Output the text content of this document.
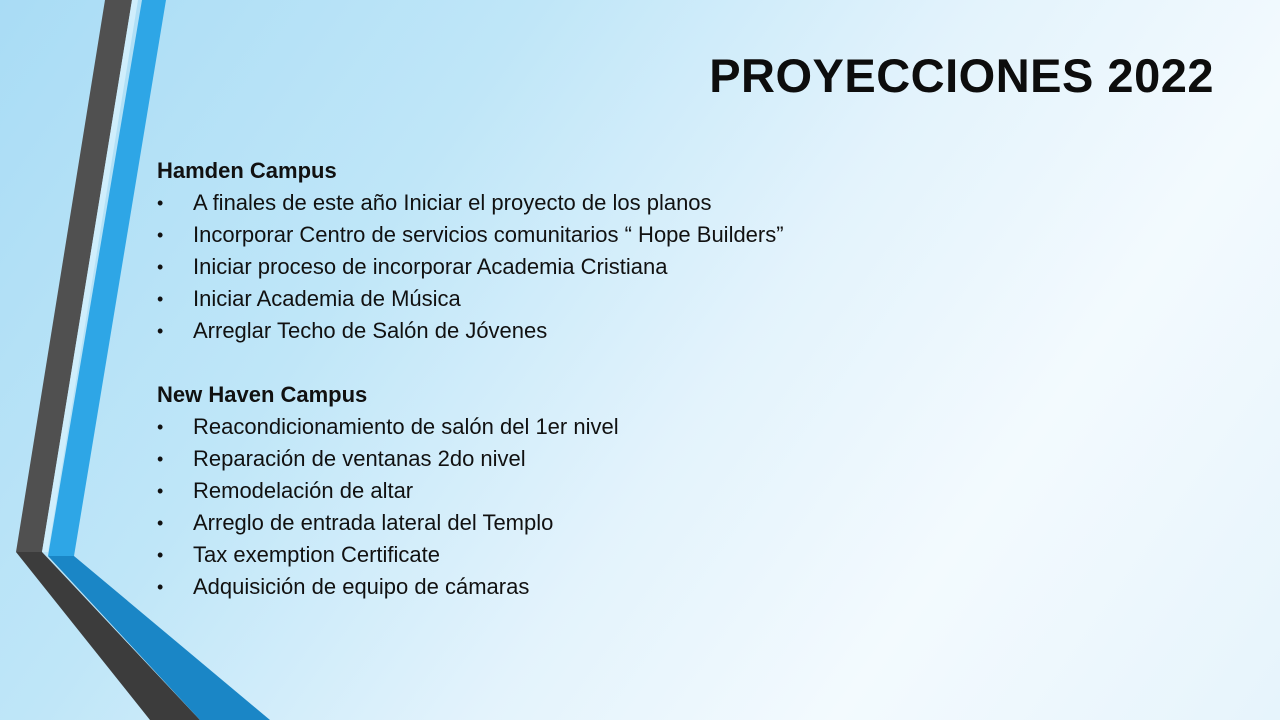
PROYECCIONES 2022
Hamden Campus
• A finales de este año Iniciar el proyecto de los planos
• Incorporar Centro de servicios comunitarios “ Hope Builders”
• Iniciar proceso de incorporar Academia Cristiana
• Iniciar Academia de Música
• Arreglar Techo de Salón de Jóvenes
New Haven Campus
• Reacondicionamiento de salón del 1er nivel
• Reparación de ventanas 2do nivel
• Remodelación de altar
• Arreglo de entrada lateral del Templo
• Tax exemption Certificate
• Adquisición de equipo de cámaras
